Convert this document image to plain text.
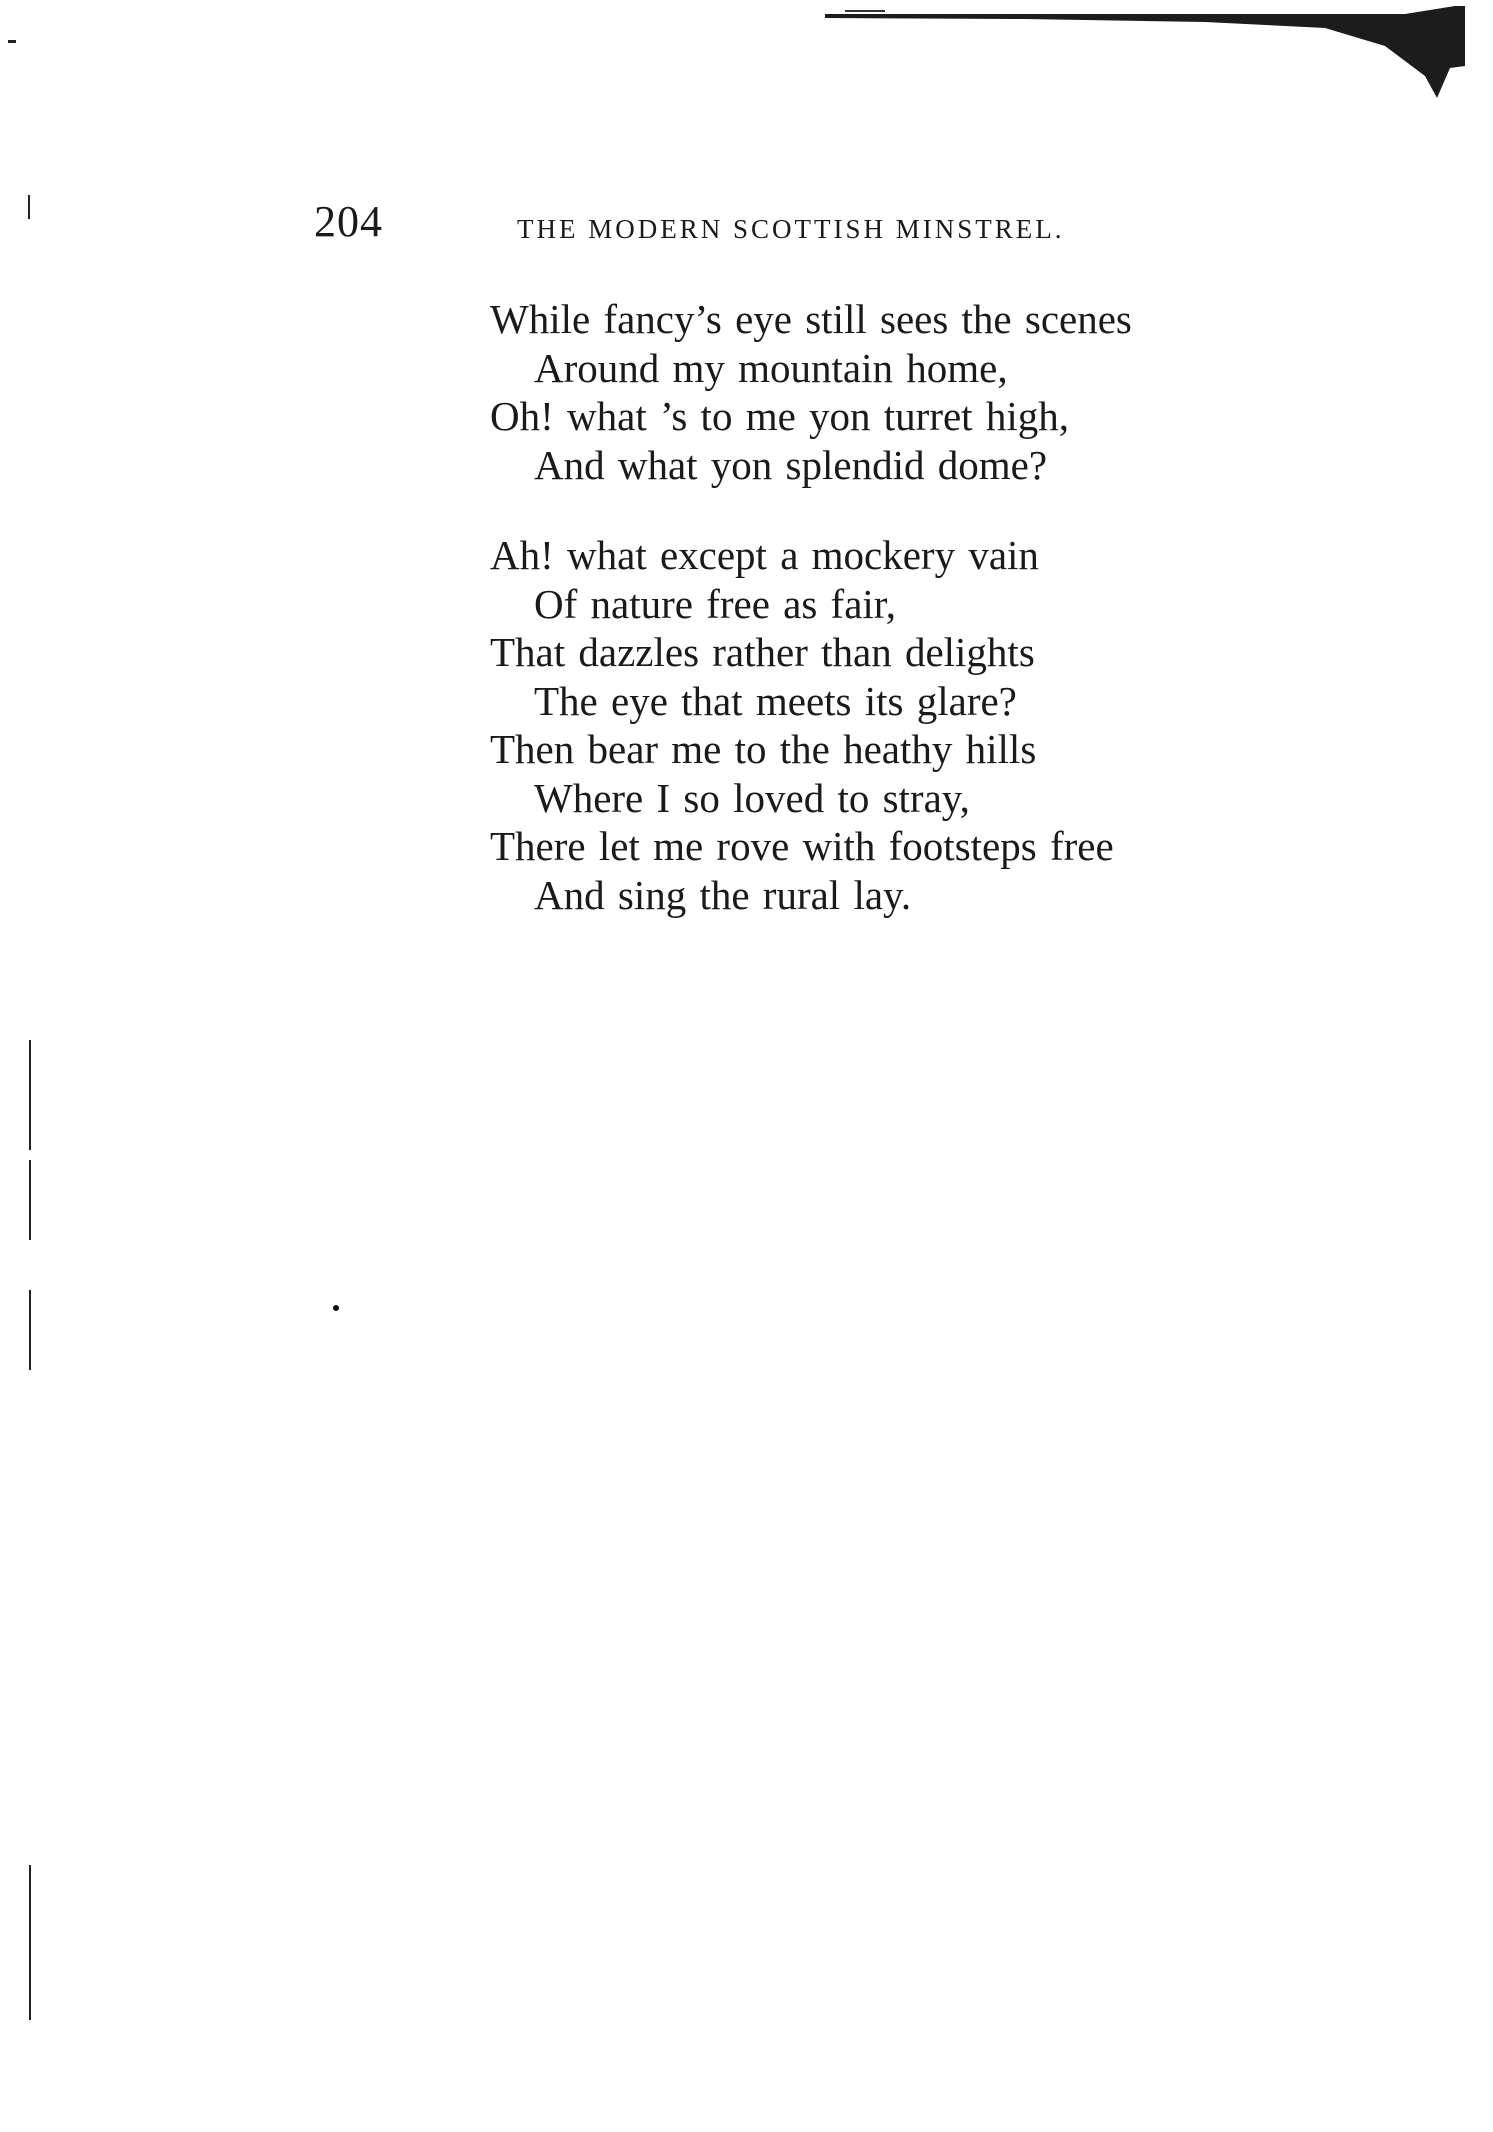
204	THE MODERN SCOTTISH MINSTREL.
While fancy’s eye still sees the scenes
Around my mountain home,
Oh! what ’s to me yon turret high,
And what yon splendid dome?
Ah! what except a mockery vain
Of nature free as fair,
That dazzles rather than delights
The eye that meets its glare?
Then bear me to the heathy hills
Where I so loved to stray,
There let me rove with footsteps free
And sing the rural lay.
